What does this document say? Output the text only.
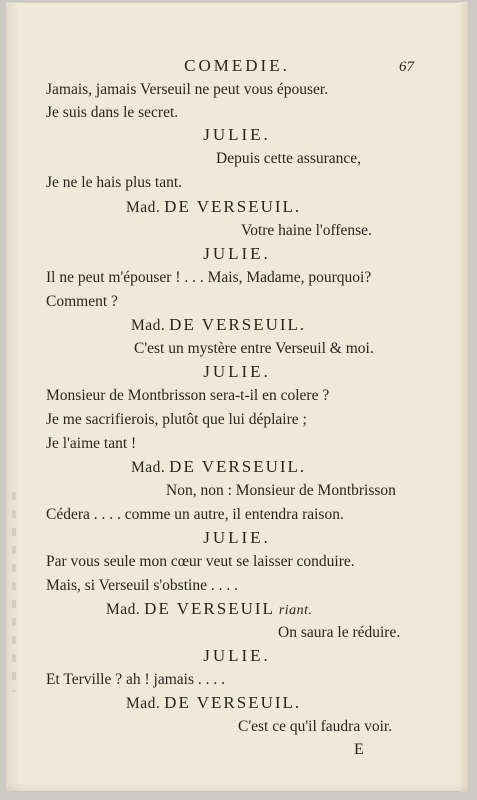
COMEDIE.	67
Jamais, jamais Verseuil ne peut vous épouser.
Je suis dans le secret.
JULIE.
Depuis cette assurance,
Je ne le hais plus tant.
Mad. DE VERSEUIL.
Votre haine l'offense.
JULIE.
Il ne peut m'épouser ! . . . Mais, Madame, pourquoi?
Comment ?
Mad. DE VERSEUIL.
C'est un mystère entre Verseuil & moi.
JULIE.
Monsieur de Montbrisson sera-t-il en colere ?
Je me sacrifierois, plutôt que lui déplaire ;
Je l'aime tant !
Mad. DE VERSEUIL.
Non, non : Monsieur de Montbrisson
Cédera . . . . comme un autre, il entendra raison.
JULIE.
Par vous seule mon cœur veut se laisser conduire.
Mais, si Verseuil s'obstine . . . .
Mad. DE VERSEUIL riant.
On saura le réduire.
JULIE.
Et Terville ? ah ! jamais . . . .
Mad. DE VERSEUIL.
C'est ce qu'il faudra voir.
E
